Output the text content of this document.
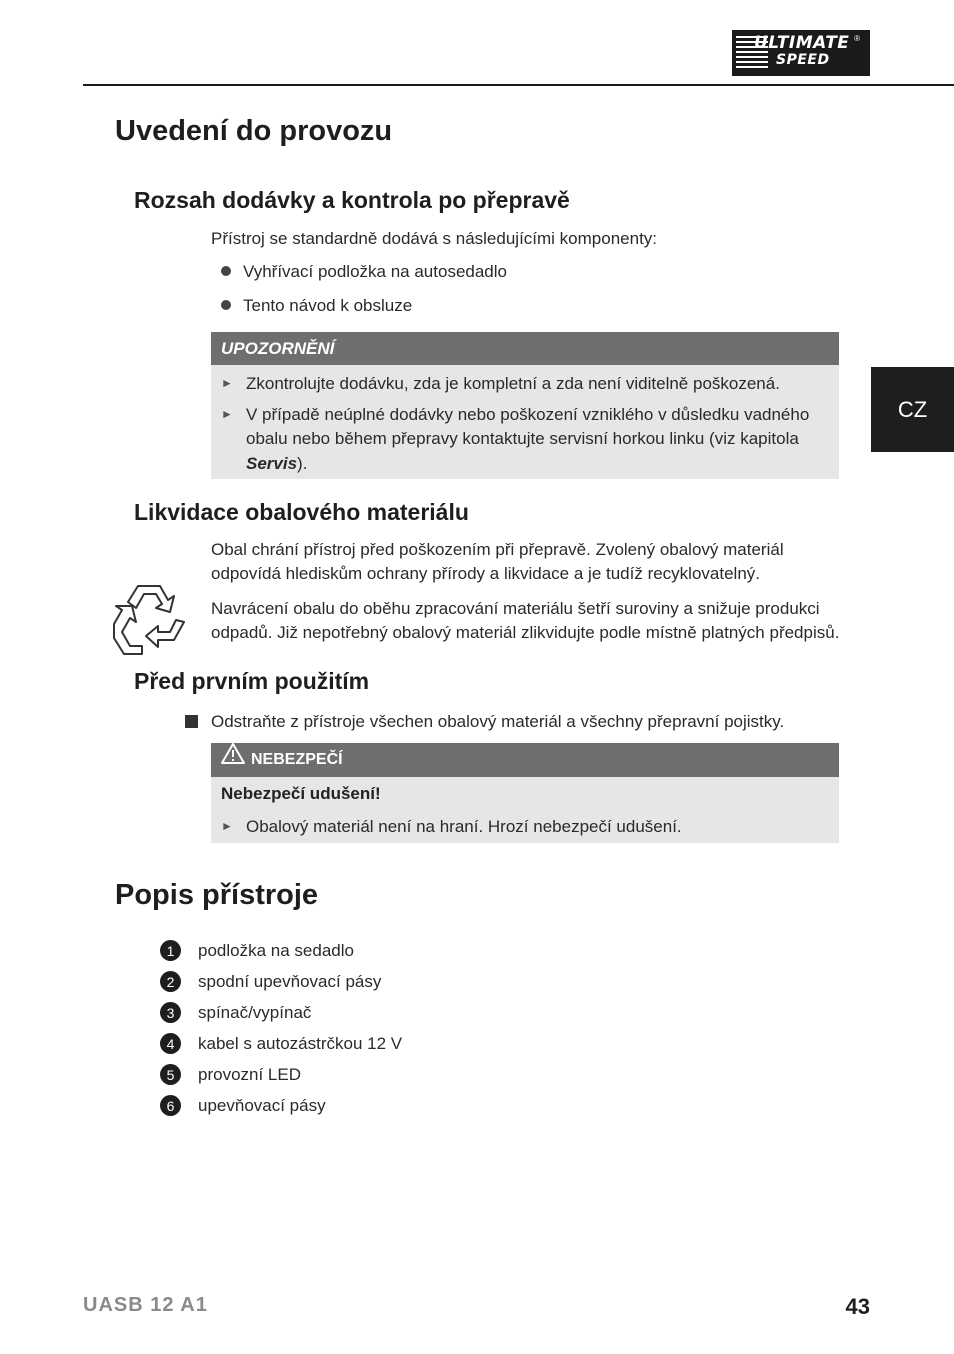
ULTIMATE
SPEED
®
CZ
Uvedení do provozu
Rozsah dodávky a kontrola po přepravě
Přístroj se standardně dodává s následujícími komponenty:
Vyhřívací podložka na autosedadlo
Tento návod k obsluze
UPOZORNĚNÍ
► Zkontrolujte dodávku, zda je kompletní a zda není viditelně poškozená.
► V případě neúplné dodávky nebo poškození vzniklého v důsledku vadného
obalu nebo během přepravy kontaktujte servisní horkou linku (viz kapitola
Servis).
Likvidace obalového materiálu
Obal chrání přístroj před poškozením při přepravě. Zvolený obalový materiál
odpovídá hlediskům ochrany přírody a likvidace a je tudíž recyklovatelný.
Navrácení obalu do oběhu zpracování materiálu šetří suroviny a snižuje produkci
odpadů. Již nepotřebný obalový materiál zlikvidujte podle místně platných předpisů.
Před prvním použitím
Odstraňte z přístroje všechen obalový materiál a všechny přepravní pojistky.
NEBEZPEČÍ
Nebezpečí udušení!
► Obalový materiál není na hraní. Hrozí nebezpečí udušení.
Popis přístroje
1	podložka na sedadlo
2	spodní upevňovací pásy
3	spínač/vypínač
4	kabel s autozástrčkou 12 V
5	provozní LED
6	upevňovací pásy
UASB 12 A1	43
